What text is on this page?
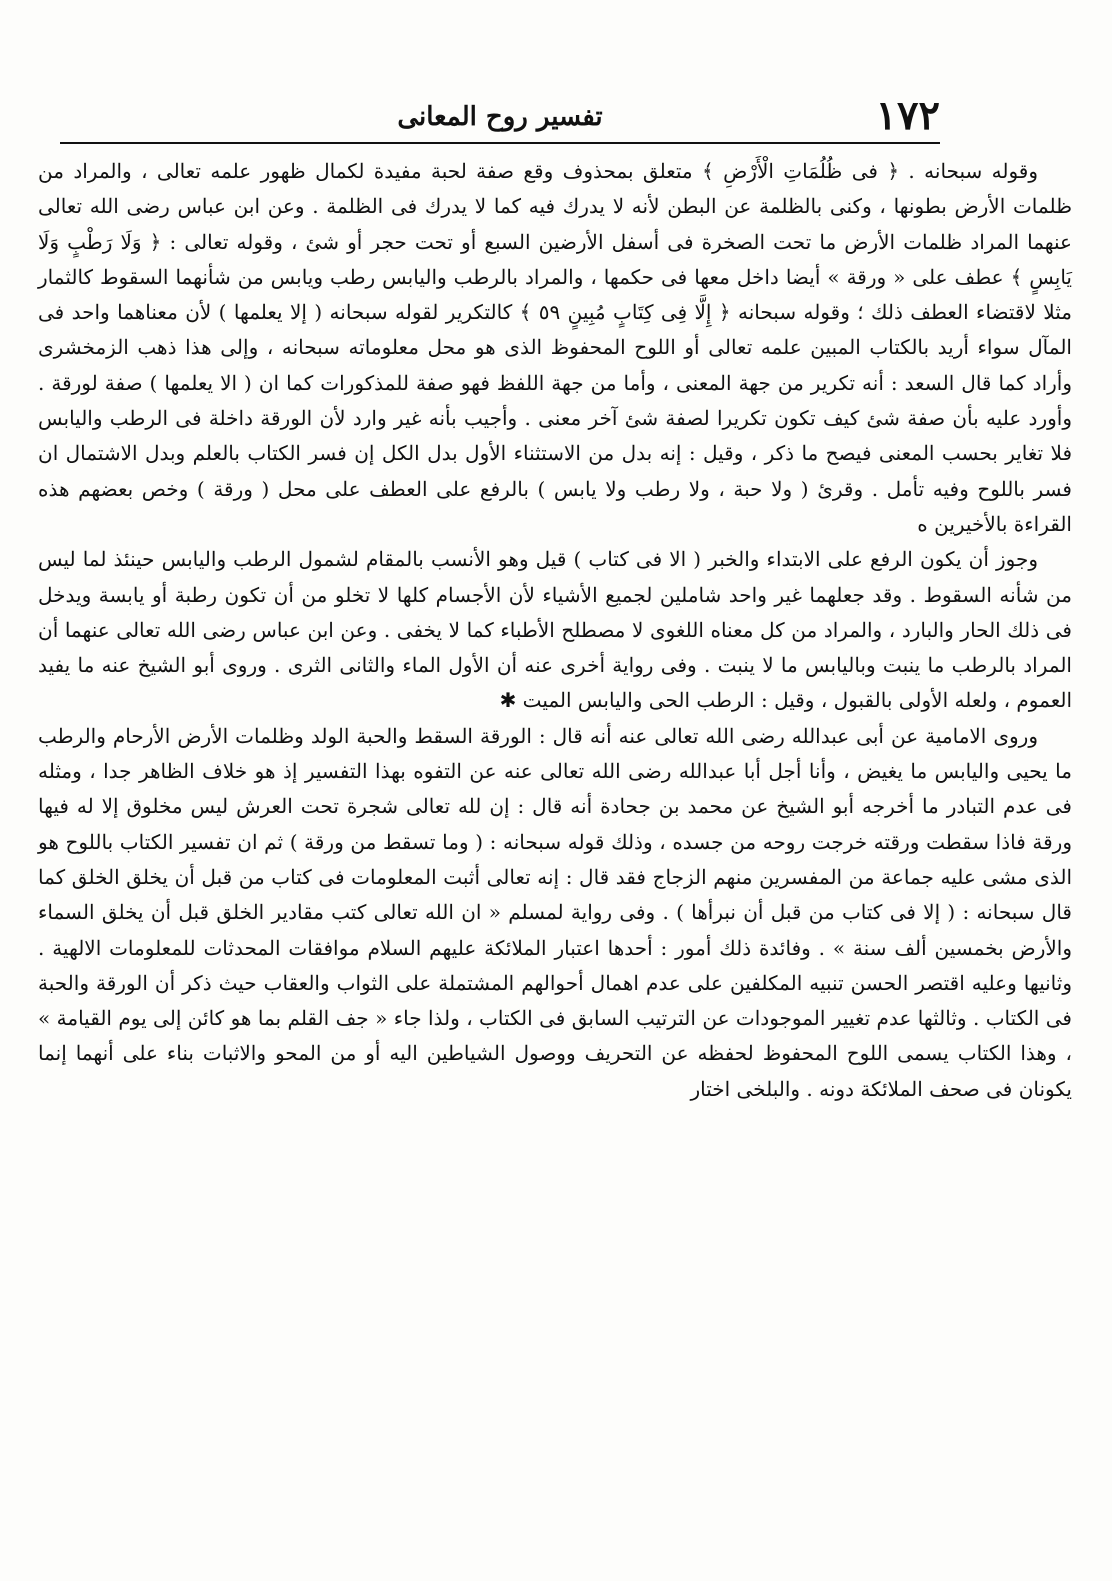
١٧٢
تفسير روح المعانى

وقوله سبحانه . ﴿ فى ظُلُمَاتِ الْأَرْضِ ﴾ متعلق بمحذوف وقع صفة لحبة مفيدة لكمال ظهور علمه تعالى ، والمراد من ظلمات الأرض بطونها ، وكنى بالظلمة عن البطن لأنه لا يدرك فيه كما لا يدرك فى الظلمة . وعن ابن عباس رضى الله تعالى عنهما المراد ظلمات الأرض ما تحت الصخرة فى أسفل الأرضين السبع أو تحت حجر أو شئ ، وقوله تعالى : ﴿ وَلَا رَطْبٍ وَلَا يَابِسٍ ﴾ عطف على « ورقة » أيضا داخل معها فى حكمها ، والمراد بالرطب واليابس رطب ويابس من شأنهما السقوط كالثمار مثلا لاقتضاء العطف ذلك ؛ وقوله سبحانه ﴿ إِلَّا فِى كِتَابٍ مُبِينٍ ٥٩ ﴾ كالتكرير لقوله سبحانه ( إلا يعلمها ) لأن معناهما واحد فى المآل سواء أريد بالكتاب المبين علمه تعالى أو اللوح المحفوظ الذى هو محل معلوماته سبحانه ، وإلى هذا ذهب الزمخشرى وأراد كما قال السعد : أنه تكرير من جهة المعنى ، وأما من جهة اللفظ فهو صفة للمذكورات كما ان ( الا يعلمها ) صفة لورقة . وأورد عليه بأن صفة شئ كيف تكون تكريرا لصفة شئ آخر معنى . وأجيب بأنه غير وارد لأن الورقة داخلة فى الرطب واليابس فلا تغاير بحسب المعنى فيصح ما ذكر ، وقيل : إنه بدل من الاستثناء الأول بدل الكل إن فسر الكتاب بالعلم وبدل الاشتمال ان فسر باللوح وفيه تأمل . وقرئ ( ولا حبة ، ولا رطب ولا يابس ) بالرفع على العطف على محل ( ورقة ) وخص بعضهم هذه القراءة بالأخيرين ه

وجوز أن يكون الرفع على الابتداء والخبر ( الا فى كتاب ) قيل وهو الأنسب بالمقام لشمول الرطب واليابس حينئذ لما ليس من شأنه السقوط . وقد جعلهما غير واحد شاملين لجميع الأشياء لأن الأجسام كلها لا تخلو من أن تكون رطبة أو يابسة ويدخل فى ذلك الحار والبارد ، والمراد من كل معناه اللغوى لا مصطلح الأطباء كما لا يخفى . وعن ابن عباس رضى الله تعالى عنهما أن المراد بالرطب ما ينبت وباليابس ما لا ينبت . وفى رواية أخرى عنه أن الأول الماء والثانى الثرى . وروى أبو الشيخ عنه ما يفيد العموم ، ولعله الأولى بالقبول ، وقيل : الرطب الحى واليابس الميت ✱

وروى الامامية عن أبى عبدالله رضى الله تعالى عنه أنه قال : الورقة السقط والحبة الولد وظلمات الأرض الأرحام والرطب ما يحيى واليابس ما يغيض ، وأنا أجل أبا عبدالله رضى الله تعالى عنه عن التفوه بهذا التفسير إذ هو خلاف الظاهر جدا ، ومثله فى عدم التبادر ما أخرجه أبو الشيخ عن محمد بن جحادة أنه قال : إن لله تعالى شجرة تحت العرش ليس مخلوق إلا له فيها ورقة فاذا سقطت ورقته خرجت روحه من جسده ، وذلك قوله سبحانه : ( وما تسقط من ورقة ) ثم ان تفسير الكتاب باللوح هو الذى مشى عليه جماعة من المفسرين منهم الزجاج فقد قال : إنه تعالى أثبت المعلومات فى كتاب من قبل أن يخلق الخلق كما قال سبحانه : ( إلا فى كتاب من قبل أن نبرأها ) . وفى رواية لمسلم « ان الله تعالى كتب مقادير الخلق قبل أن يخلق السماء والأرض بخمسين ألف سنة » . وفائدة ذلك أمور : أحدها اعتبار الملائكة عليهم السلام موافقات المحدثات للمعلومات الالهية . وثانيها وعليه اقتصر الحسن تنبيه المكلفين على عدم اهمال أحوالهم المشتملة على الثواب والعقاب حيث ذكر أن الورقة والحبة فى الكتاب . وثالثها عدم تغيير الموجودات عن الترتيب السابق فى الكتاب ، ولذا جاء « جف القلم بما هو كائن إلى يوم القيامة » ، وهذا الكتاب يسمى اللوح المحفوظ لحفظه عن التحريف ووصول الشياطين اليه أو من المحو والاثبات بناء على أنهما إنما يكونان فى صحف الملائكة دونه . والبلخى اختار
